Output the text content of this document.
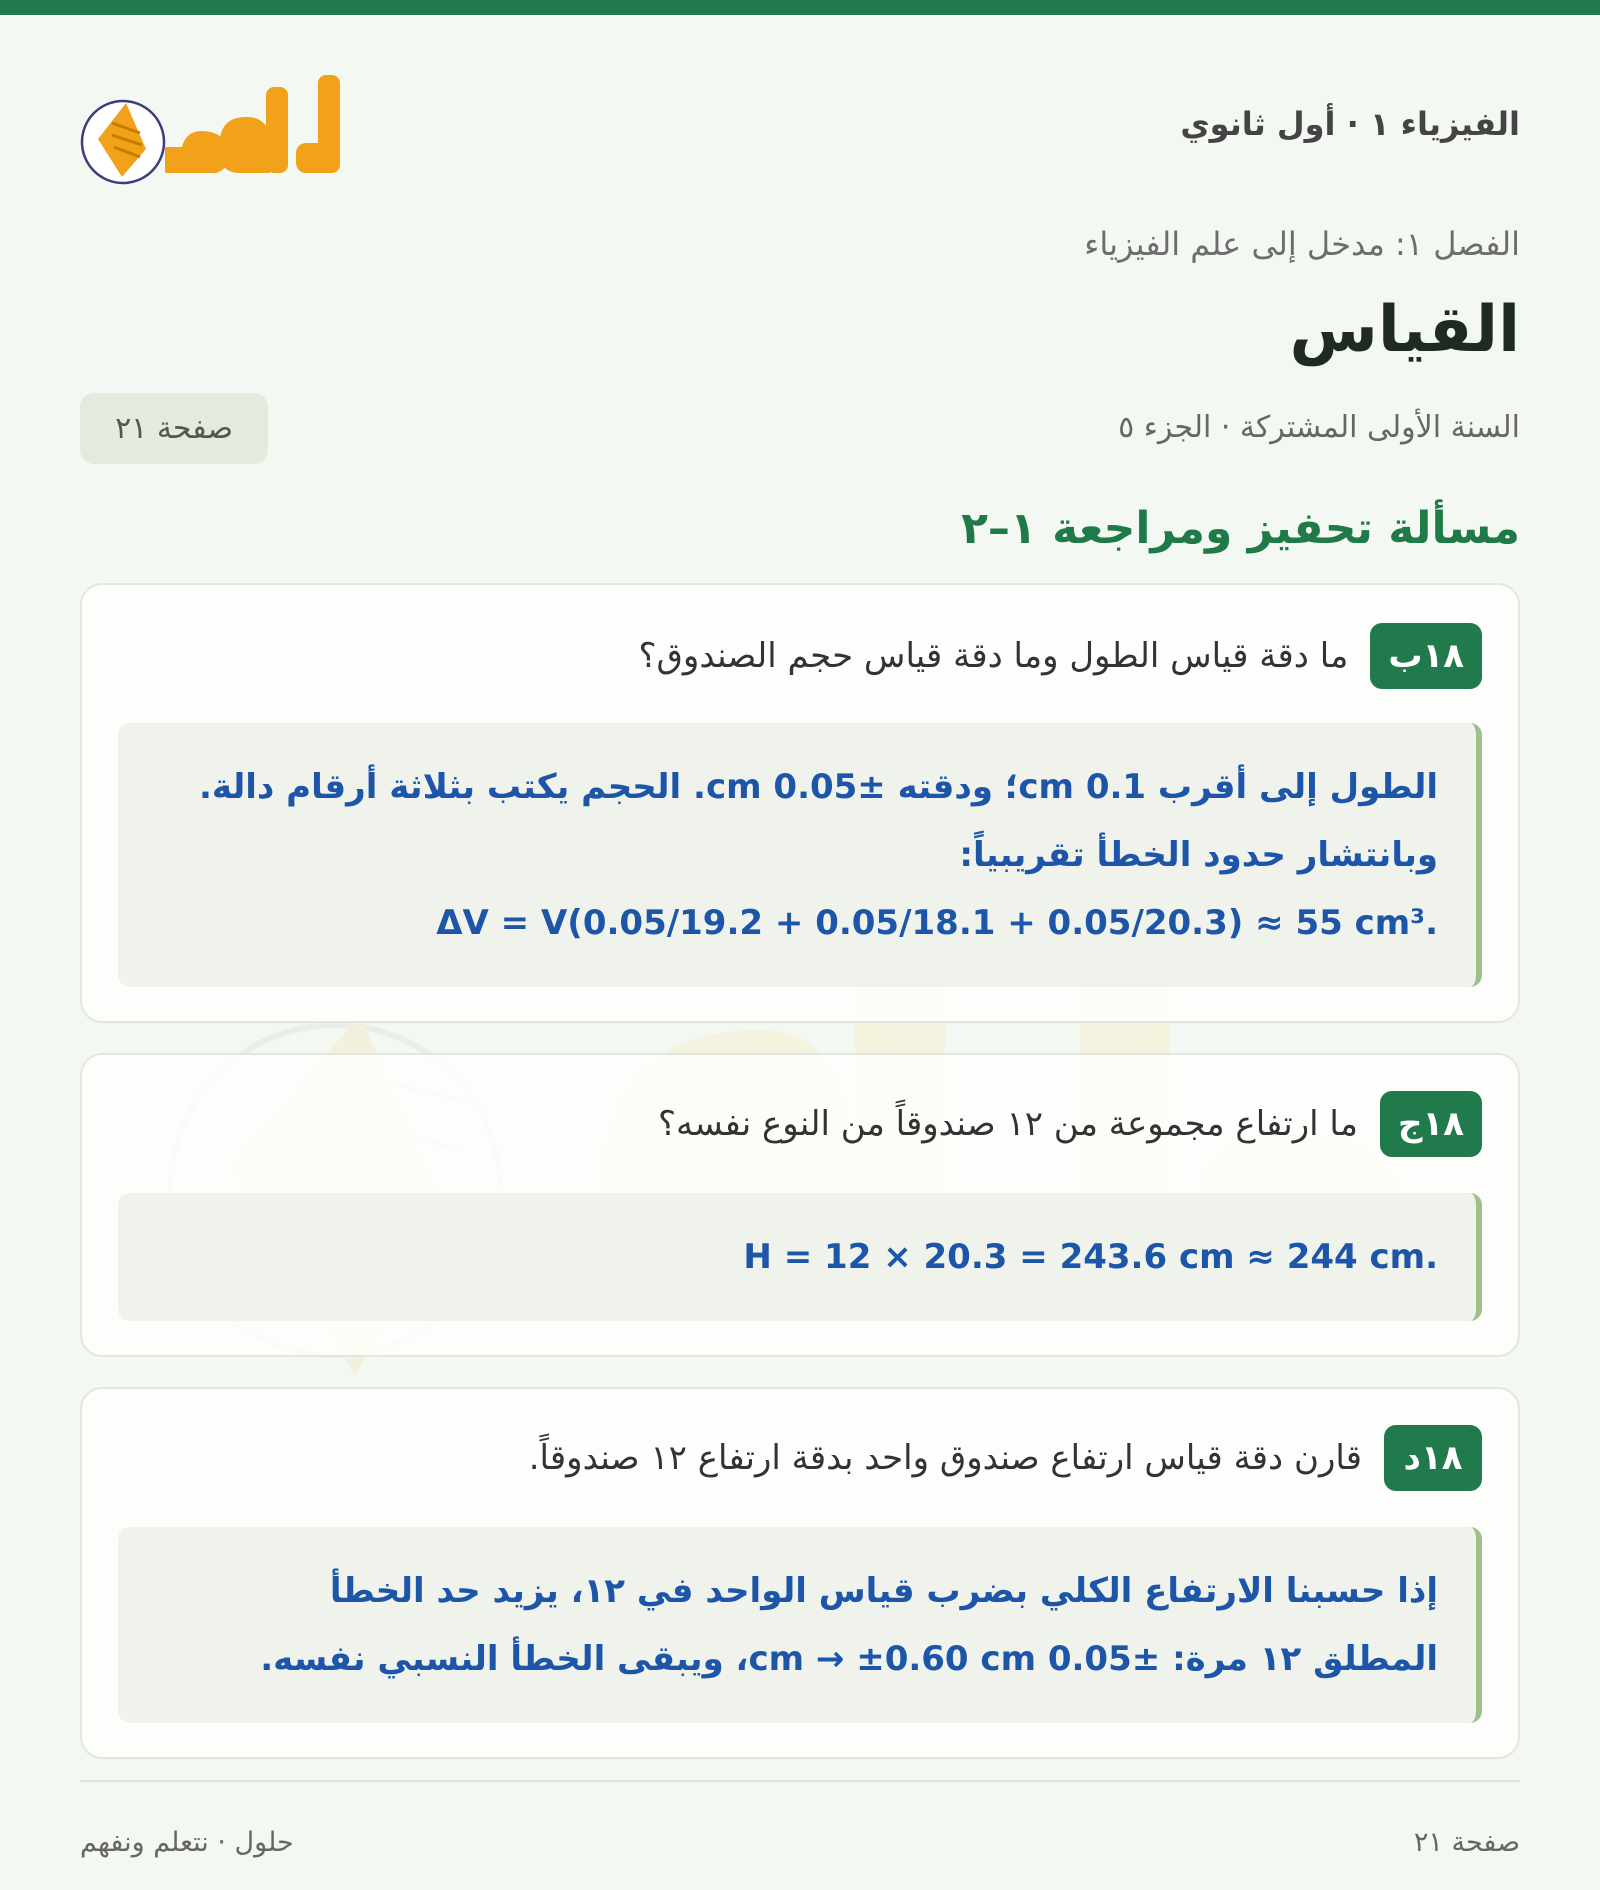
الفيزياء ١ · أول ثانوي
الفصل ١: مدخل إلى علم الفيزياء
القياس
السنة الأولى المشتركة · الجزء ٥
صفحة ٢١
مسألة تحفيز ومراجعة ١–٢
١٨ب
ما دقة قياس الطول وما دقة قياس حجم الصندوق؟
الطول إلى أقرب 0.1 cm؛ ودقته ±0.05 cm. الحجم يكتب بثلاثة أرقام دالة.
وبانتشار حدود الخطأ تقريبياً:
ΔV = V(0.05/19.2 + 0.05/18.1 + 0.05/20.3) ≈ 55 cm³.
١٨ج
ما ارتفاع مجموعة من ١٢ صندوقاً من النوع نفسه؟
H = 12 × 20.3 = 243.6 cm ≈ 244 cm.
١٨د
قارن دقة قياس ارتفاع صندوق واحد بدقة ارتفاع ١٢ صندوقاً.
إذا حسبنا الارتفاع الكلي بضرب قياس الواحد في ١٢، يزيد حد الخطأ
المطلق ١٢ مرة: ±0.05 cm → ±0.60 cm، ويبقى الخطأ النسبي نفسه.
صفحة ٢١
حلول · نتعلم ونفهم
